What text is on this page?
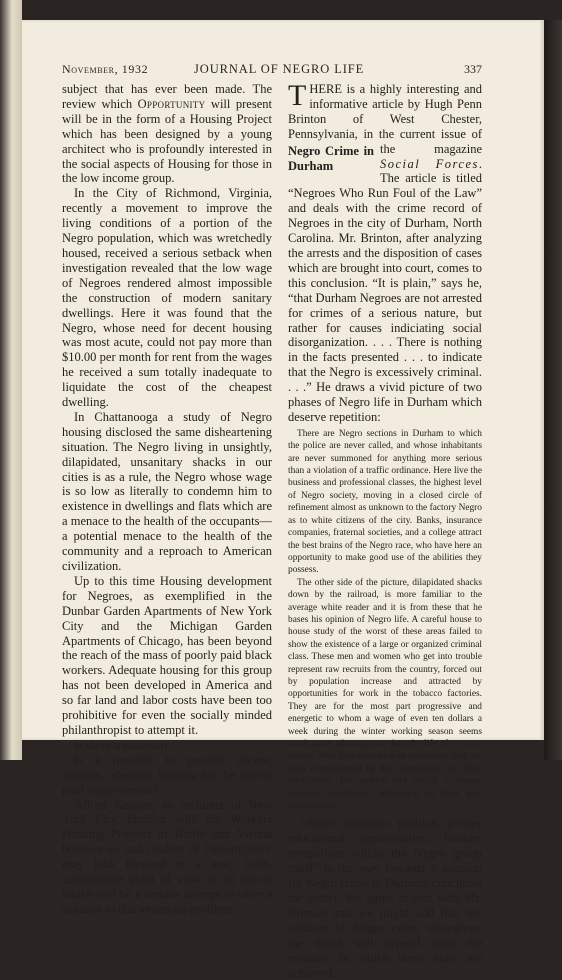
November, 1932	JOURNAL OF NEGRO LIFE	337

subject that has ever been made. The review which Opportunity will present will be in the form of a Housing Project which has been designed by a young architect who is profoundly interested in the social aspects of Housing for those in the low income group.

In the City of Richmond, Virginia, recently a movement to improve the living conditions of a portion of the Negro population, which was wretchedly housed, received a serious setback when investigation revealed that the low wage of Negroes rendered almost impossible the construction of modern sanitary dwellings. Here it was found that the Negro, whose need for decent housing was most acute, could not pay more than $10.00 per month for rent from the wages he received a sum totally inadequate to liquidate the cost of the cheapest dwelling.

In Chattanooga a study of Negro housing disclosed the same disheartening situation. The Negro living in unsightly, dilapidated, unsanitary shacks in our cities is as a rule, the Negro whose wage is so low as literally to condemn him to existence in dwellings and flats which are a menace to the health of the occupants—a potential menace to the health of the community and a reproach to American civilization.

Up to this time Housing development for Negroes, as exemplified in the Dunbar Garden Apartments of New York City and the Michigan Garden Apartments of Chicago, has been beyond the reach of the mass of poorly paid black workers. Adequate housing for this group has not been developed in America and so far land and labor costs have been too prohibitive for even the socially minded philanthropist to attempt it.

Is there a solution?

Is it possible to provide decent, sanitary, adequate housing for the lowest paid wage earners?

Alfred Kastner, an architect of New York City, familiar with the Workers Housing Projects of Berlin and Vienna believes so and readers of Opportunity may look forward to a new, fresh, constructive point of view in an article which will be a serious attempt to offer a solution to this vexatious problem.

THERE is a highly interesting and informative article by Hugh Penn Brinton of West Chester, Pennsylvania, in the current issue of the magazine
Negro Crime in Durham	Social Forces. The article is titled “Negroes Who Run Foul of the Law” and deals with the crime record of Negroes in the city of Durham, North Carolina. Mr. Brinton, after analyzing the arrests and the disposition of cases which are brought into court, comes to this conclusion. “It is plain,” says he, “that Durham Negroes are not arrested for crimes of a serious nature, but rather for causes indiciating social disorganization. . . . There is nothing in the facts presented . . . to indicate that the Negro is excessively criminal. . . .” He draws a vivid picture of two phases of Negro life in Durham which deserve repetition:

There are Negro sections in Durham to which the police are never called, and whose inhabitants are never summoned for anything more serious than a violation of a traffic ordinance. Here live the business and professional classes, the highest level of Negro society, moving in a closed circle of refinement almost as unknown to the factory Negro as to white citizens of the city. Banks, insurance companies, fraternal societies, and a college attract the best brains of the Negro race, who have here an opportunity to make good use of the abilities they possess.

The other side of the picture, dilapidated shacks down by the railroad, is more familiar to the average white reader and it is from these that he bases his opinion of Negro life. A careful house to house study of the worst of these areas failed to show the existence of a large or organized criminal class. These men and women who get into trouble represent raw recruits from the country, forced out by population increase and attracted by opportunities for work in the tobacco factories. They are for the most part progressive and energetic to whom a wage of even ten dollars a week during the winter working season seems much more advantageous than the life of a tenant farmer. With little education or experience they are soon overwhelmed by the complexities of urban civilization. Too sudden and radical a change prevents satisfactory adjustment to their new environment.

“Better economic position, greater educational opportunities, broader sympathies within the Negro group itself” is the way towards a solution for Negro crime in Durham, concludes the writer. We agree in toto with Mr. Brinton and we might add that the solution of Negro crime throughout the South will depend upon the measure in which these aims are achieved.
